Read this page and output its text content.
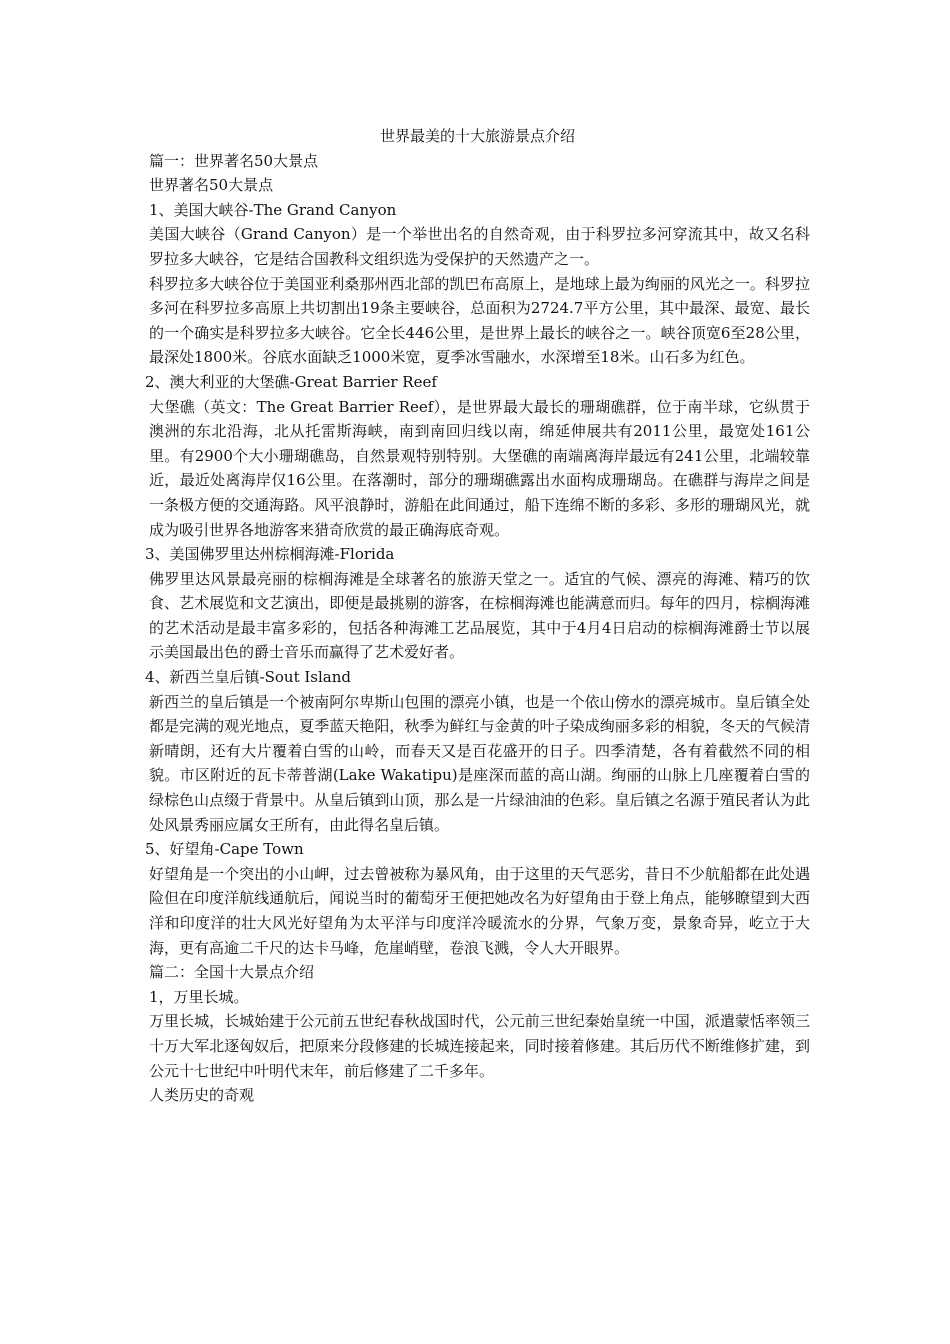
世界最美的十大旅游景点介绍
篇一：世界著名50大景点
世界著名50大景点
1、美国大峡谷-The Grand Canyon
美国大峡谷（Grand Canyon）是一个举世出名的自然奇观，由于科罗拉多河穿流其中，故又名科罗拉多大峡谷，它是结合国教科文组织选为受保护的天然遗产之一。
科罗拉多大峡谷位于美国亚利桑那州西北部的凯巴布高原上，是地球上最为绚丽的风光之一。科罗拉多河在科罗拉多高原上共切割出19条主要峡谷，总面积为2724.7平方公里，其中最深、最宽、最长的一个确实是科罗拉多大峡谷。它全长446公里，是世界上最长的峡谷之一。峡谷顶宽6至28公里，最深处1800米。谷底水面缺乏1000米宽，夏季冰雪融水，水深增至18米。山石多为红色。
2、澳大利亚的大堡礁-Great Barrier Reef
大堡礁（英文：The Great Barrier Reef），是世界最大最长的珊瑚礁群，位于南半球，它纵贯于澳洲的东北沿海，北从托雷斯海峡，南到南回归线以南，绵延伸展共有2011公里，最宽处161公里。有2900个大小珊瑚礁岛，自然景观特别特别。大堡礁的南端离海岸最远有241公里，北端较靠近，最近处离海岸仅16公里。在落潮时，部分的珊瑚礁露出水面构成珊瑚岛。在礁群与海岸之间是一条极方便的交通海路。风平浪静时，游船在此间通过，船下连绵不断的多彩、多形的珊瑚风光，就成为吸引世界各地游客来猎奇欣赏的最正确海底奇观。
3、美国佛罗里达州棕榈海滩-Florida
佛罗里达风景最亮丽的棕榈海滩是全球著名的旅游天堂之一。适宜的气候、漂亮的海滩、精巧的饮食、艺术展览和文艺演出，即便是最挑剔的游客，在棕榈海滩也能满意而归。每年的四月，棕榈海滩的艺术活动是最丰富多彩的，包括各种海滩工艺品展览，其中于4月4日启动的棕榈海滩爵士节以展示美国最出色的爵士音乐而赢得了艺术爱好者。
4、新西兰皇后镇-Sout Island
新西兰的皇后镇是一个被南阿尔卑斯山包围的漂亮小镇，也是一个依山傍水的漂亮城市。皇后镇全处都是完满的观光地点，夏季蓝天艳阳，秋季为鲜红与金黄的叶子染成绚丽多彩的相貌，冬天的气候清新晴朗，还有大片覆着白雪的山岭，而春天又是百花盛开的日子。四季清楚，各有着截然不同的相貌。市区附近的瓦卡蒂普湖(Lake Wakatipu)是座深而蓝的高山湖。绚丽的山脉上几座覆着白雪的绿棕色山点缀于背景中。从皇后镇到山顶，那么是一片绿油油的色彩。皇后镇之名源于殖民者认为此处风景秀丽应属女王所有，由此得名皇后镇。
5、好望角-Cape Town
好望角是一个突出的小山岬，过去曾被称为暴风角，由于这里的天气恶劣，昔日不少航船都在此处遇险但在印度洋航线通航后，闻说当时的葡萄牙王便把她改名为好望角由于登上角点，能够瞭望到大西洋和印度洋的壮大风光好望角为太平洋与印度洋冷暖流水的分界，气象万变，景象奇异，屹立于大海，更有高逾二千尺的达卡马峰，危崖峭壁，卷浪飞溅，令人大开眼界。
篇二：全国十大景点介绍
1，万里长城。
万里长城，长城始建于公元前五世纪春秋战国时代，公元前三世纪秦始皇统一中国，派遣蒙恬率领三十万大军北逐匈奴后，把原来分段修建的长城连接起来，同时接着修建。其后历代不断维修扩建，到公元十七世纪中叶明代末年，前后修建了二千多年。
人类历史的奇观
